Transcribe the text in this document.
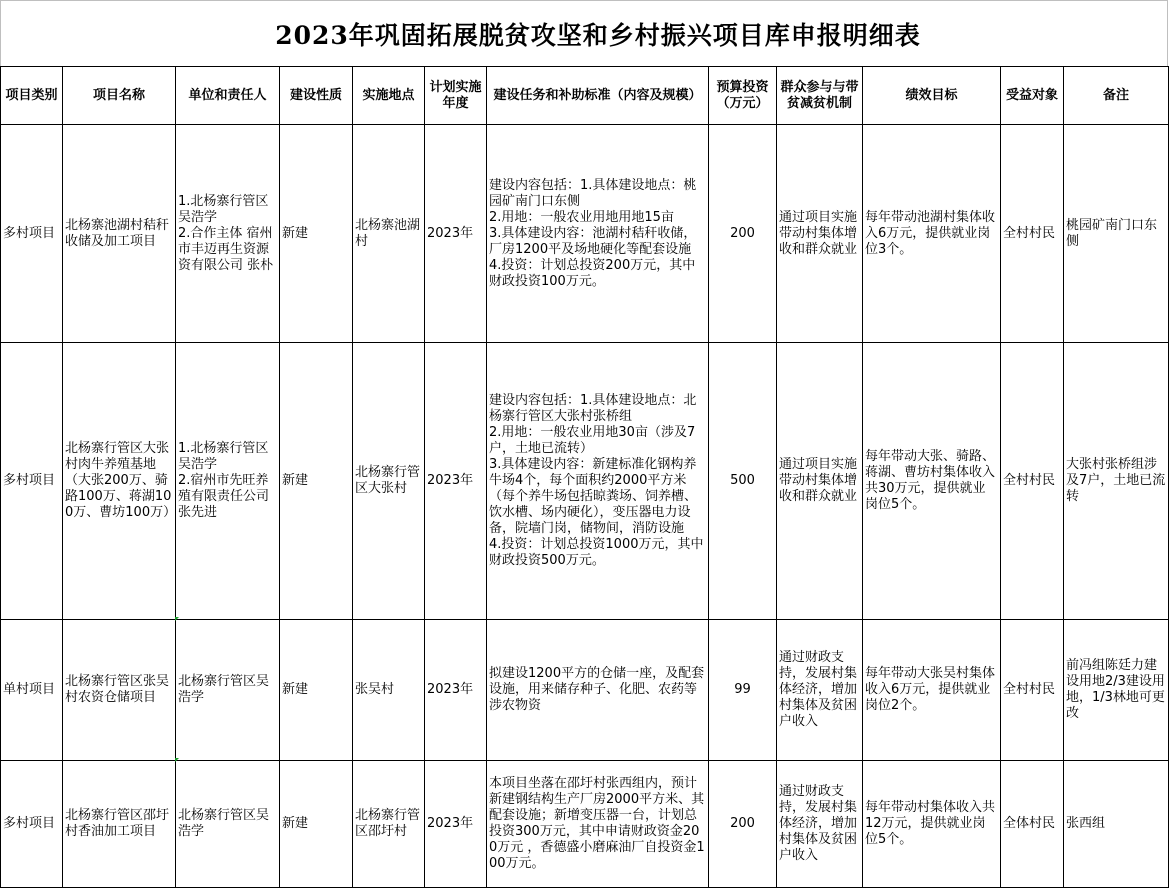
2023年巩固拓展脱贫攻坚和乡村振兴项目库申报明细表
项目类别	项目名称	单位和责任人	建设性质	实施地点	计划实施年度	建设任务和补助标准（内容及规模）	预算投资（万元）	群众参与与带贫减贫机制	绩效目标	受益对象	备注
多村项目	北杨寨池湖村秸秆收储及加工项目	1.北杨寨行管区 吴浩学
2.合作主体 宿州市丰迈再生资源资有限公司 张朴	新建	北杨寨池湖村	2023年	建设内容包括：1.具体建设地点：桃园矿南门口东侧
2.用地：一般农业用地用地15亩
3.具体建设内容：池湖村秸秆收储，厂房1200平及场地硬化等配套设施
4.投资：计划总投资200万元，其中财政投资100万元。	200	通过项目实施带动村集体增收和群众就业	每年带动池湖村集体收入6万元，提供就业岗位3个。	全村村民	桃园矿南门口东侧
多村项目	北杨寨行管区大张村肉牛养殖基地（大张200万、骑路100万、蒋湖100万、曹坊100万）	1.北杨寨行管区 吴浩学
2.宿州市先旺养殖有限责任公司　张先进	新建	北杨寨行管区大张村	2023年	建设内容包括：1.具体建设地点：北杨寨行管区大张村张桥组
2.用地：一般农业用地30亩（涉及7户，土地已流转）
3.具体建设内容：新建标准化钢构养牛场4个，每个面积约2000平方米（每个养牛场包括晾粪场、饲养槽、饮水槽、场内硬化），变压器电力设备，院墙门岗，储物间，消防设施
4.投资：计划总投资1000万元，其中财政投资500万元。	500	通过项目实施带动村集体增收和群众就业	每年带动大张、骑路、蒋湖、曹坊村集体收入共30万元，提供就业岗位5个。	全村村民	大张村张桥组涉及7户，土地已流转
单村项目	北杨寨行管区张吴村农资仓储项目	北杨寨行管区吴浩学	新建	张吴村	2023年	拟建设1200平方的仓储一座，及配套设施，用来储存种子、化肥、农药等涉农物资	99	通过财政支持，发展村集体经济，增加村集体及贫困户收入	每年带动大张吴村集体收入6万元，提供就业岗位2个。	全村村民	前冯组陈廷力建设用地2/3建设用地，1/3林地可更改
多村项目	北杨寨行管区邵圩村香油加工项目	北杨寨行管区吴浩学	新建	北杨寨行管区邵圩村	2023年	本项目坐落在邵圩村张西组内，预计新建钢结构生产厂房2000平方米、其配套设施；新增变压器一台，计划总投资300万元，其中申请财政资金200万元 ，香德盛小磨麻油厂自投资金100万元。	200	通过财政支持，发展村集体经济，增加村集体及贫困户收入	每年带动村集体收入共12万元，提供就业岗位5个。	全体村民	张西组
